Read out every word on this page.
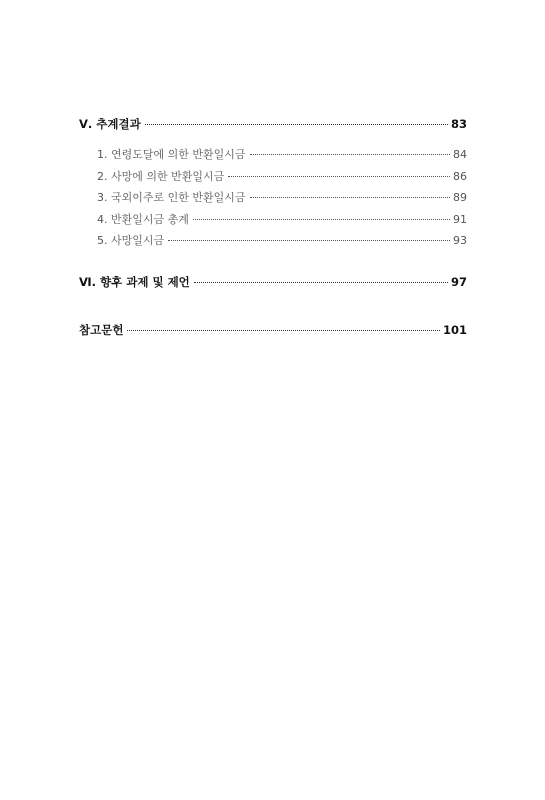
Ⅴ. 추계결과	83
1. 연령도달에 의한 반환일시금	84
2. 사망에 의한 반환일시금	86
3. 국외이주로 인한 반환일시금	89
4. 반환일시금 총계	91
5. 사망일시금	93
Ⅵ. 향후 과제 및 제언	97
참고문헌	101
